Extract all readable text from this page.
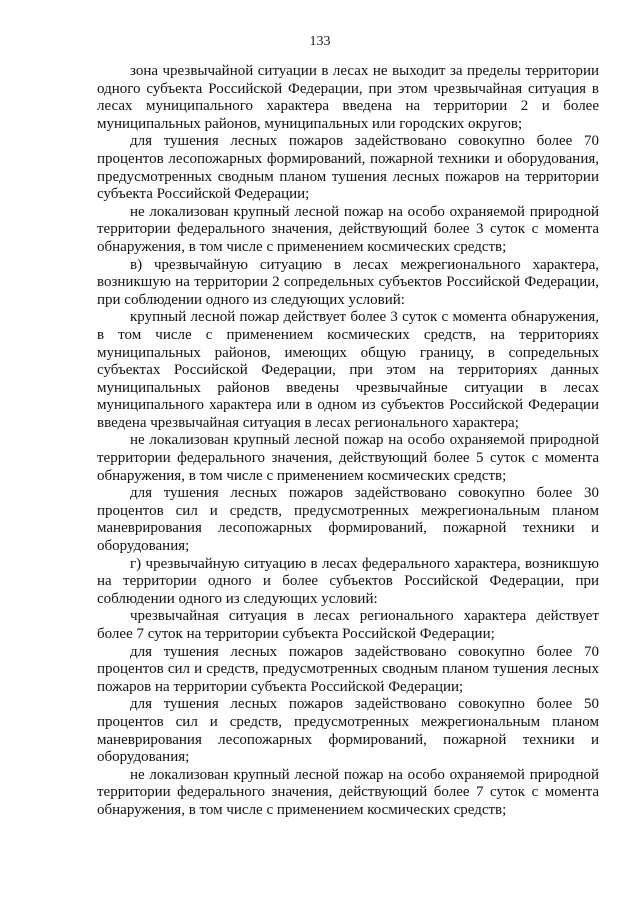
133

зона чрезвычайной ситуации в лесах не выходит за пределы территории одного субъекта Российской Федерации, при этом чрезвычайная ситуация в лесах муниципального характера введена на территории 2 и более муниципальных районов, муниципальных или городских округов;

для тушения лесных пожаров задействовано совокупно более 70 процентов лесопожарных формирований, пожарной техники и оборудования, предусмотренных сводным планом тушения лесных пожаров на территории субъекта Российской Федерации;

не локализован крупный лесной пожар на особо охраняемой природной территории федерального значения, действующий более 3 суток с момента обнаружения, в том числе с применением космических средств;

в) чрезвычайную ситуацию в лесах межрегионального характера, возникшую на территории 2 сопредельных субъектов Российской Федерации, при соблюдении одного из следующих условий:

крупный лесной пожар действует более 3 суток с момента обнаружения, в том числе с применением космических средств, на территориях муниципальных районов, имеющих общую границу, в сопредельных субъектах Российской Федерации, при этом на территориях данных муниципальных районов введены чрезвычайные ситуации в лесах муниципального характера или в одном из субъектов Российской Федерации введена чрезвычайная ситуация в лесах регионального характера;

не локализован крупный лесной пожар на особо охраняемой природной территории федерального значения, действующий более 5 суток с момента обнаружения, в том числе с применением космических средств;

для тушения лесных пожаров задействовано совокупно более 30 процентов сил и средств, предусмотренных межрегиональным планом маневрирования лесопожарных формирований, пожарной техники и оборудования;

г) чрезвычайную ситуацию в лесах федерального характера, возникшую на территории одного и более субъектов Российской Федерации, при соблюдении одного из следующих условий:

чрезвычайная ситуация в лесах регионального характера действует более 7 суток на территории субъекта Российской Федерации;

для тушения лесных пожаров задействовано совокупно более 70 процентов сил и средств, предусмотренных сводным планом тушения лесных пожаров на территории субъекта Российской Федерации;

для тушения лесных пожаров задействовано совокупно более 50 процентов сил и средств, предусмотренных межрегиональным планом маневрирования лесопожарных формирований, пожарной техники и оборудования;

не локализован крупный лесной пожар на особо охраняемой природной территории федерального значения, действующий более 7 суток с момента обнаружения, в том числе с применением космических средств;
